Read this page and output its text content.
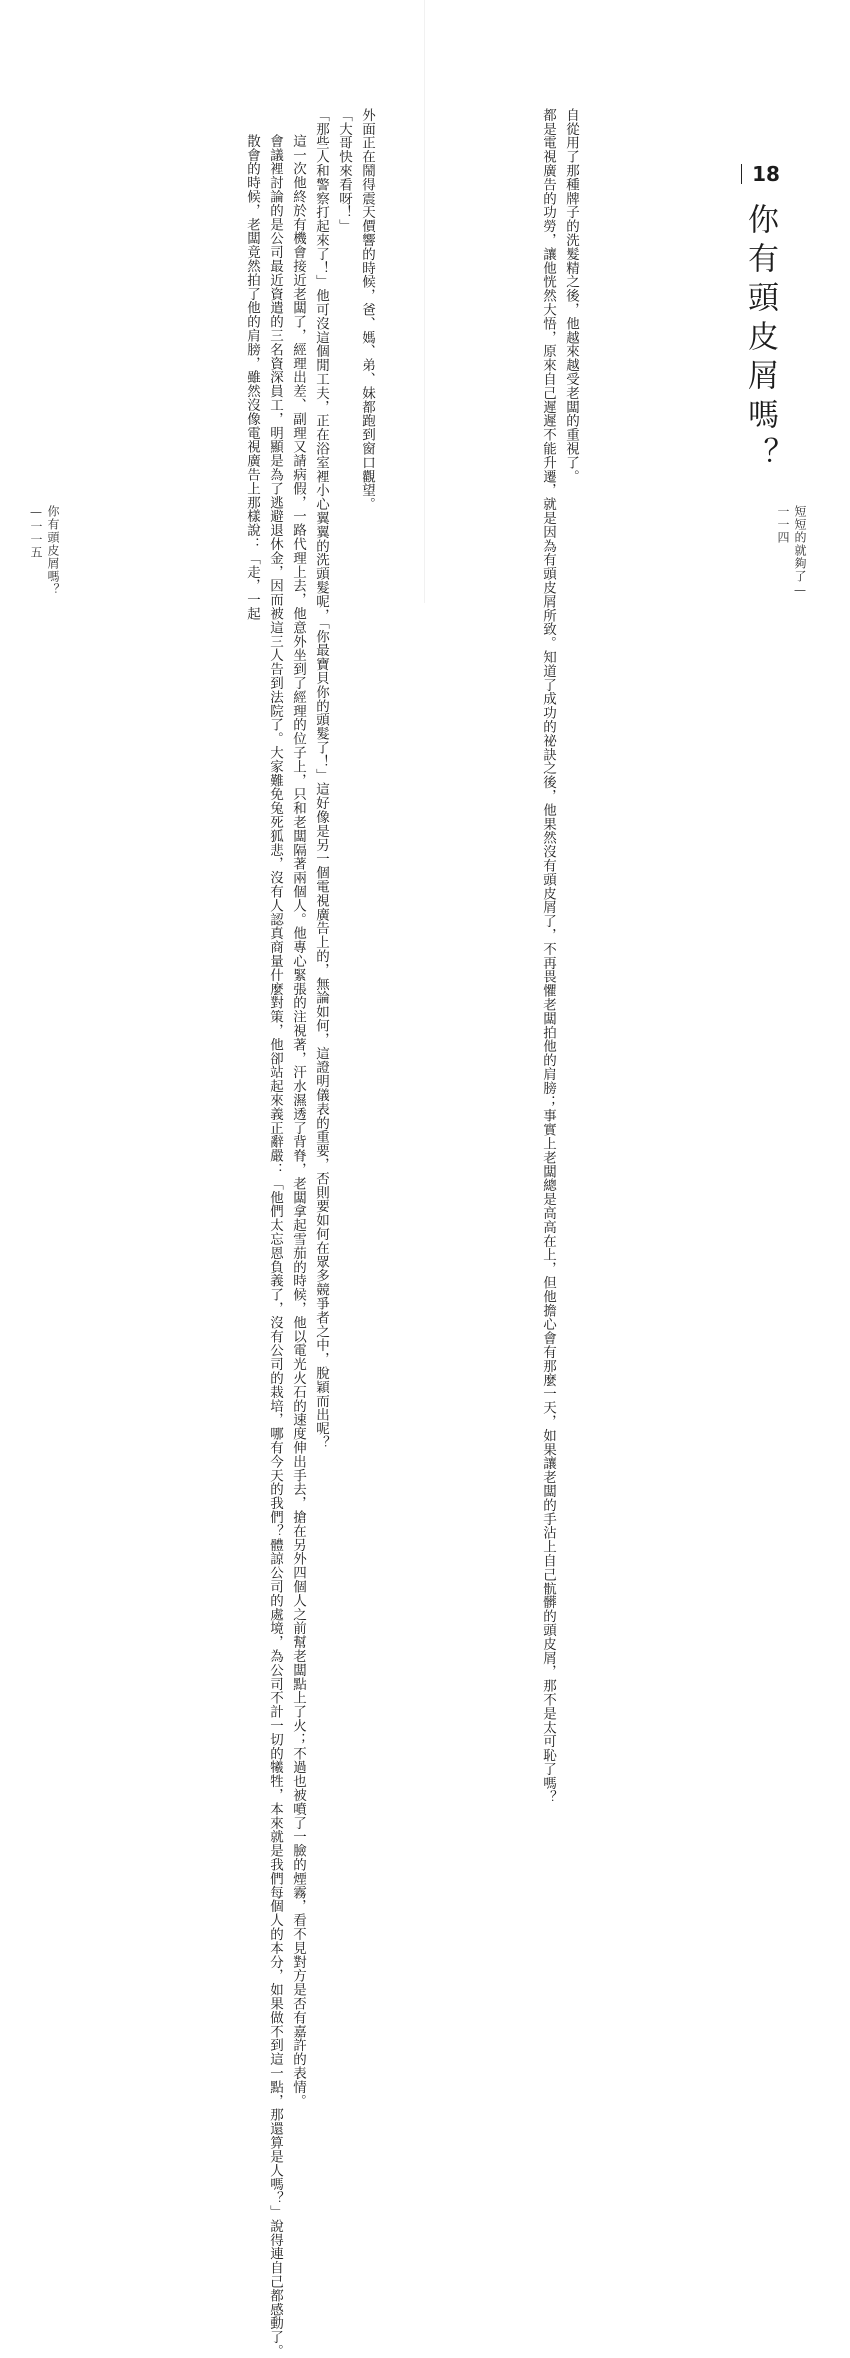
外面正在鬧得震天價響的時候，爸、媽、弟、妹都跑到窗口觀望。
「大哥快來看呀！」
「那些人和警察打起來了！」他可沒這個閒工夫，正在浴室裡小心翼翼的洗頭髮呢，「你最寶貝你的頭髮了！」這好像是另一個電視廣告上的，無論如何，這證明儀表的重要，否則要如何在眾多競爭者之中，脫穎而出呢？
這一次他終於有機會接近老闆了，經理出差、副理又請病假，一路代理上去，他意外坐到了經理的位子上，只和老闆隔著兩個人。他專心緊張的注視著，汗水濕透了背脊，老闆拿起雪茄的時候，他以電光火石的速度伸出手去，搶在另外四個人之前幫老闆點上了火；不過也被噴了一臉的煙霧，看不見對方是否有嘉許的表情。
會議裡討論的是公司最近資遣的三名資深員工，明顯是為了逃避退休金，因而被這三人告到法院了。大家難免兔死狐悲，沒有人認真商量什麼對策，他卻站起來義正辭嚴：「他們太忘恩負義了，沒有公司的栽培，哪有今天的我們？體諒公司的處境，為公司不計一切的犧牲，本來就是我們每個人的本分，如果做不到這一點，那還算是人嗎？」說得連自己都感動了。
散會的時候，老闆竟然拍了他的肩膀，雖然沒像電視廣告上那樣說：「走，一起
你有頭皮屑嗎？—一一五
自從用了那種牌子的洗髮精之後，他越來越受老闆的重視了。
都是電視廣告的功勞，讓他恍然大悟，原來自己遲遲不能升遷，就是因為有頭皮屑所致。知道了成功的祕訣之後，他果然沒有頭皮屑了，不再畏懼老闆拍他的肩膀；事實上老闆總是高高在上，但他擔心會有那麼一天，如果讓老闆的手沾上自己骯髒的頭皮屑，那不是太可恥了嗎？	18
你有頭皮屑嗎？
短短的就夠了—一一四
